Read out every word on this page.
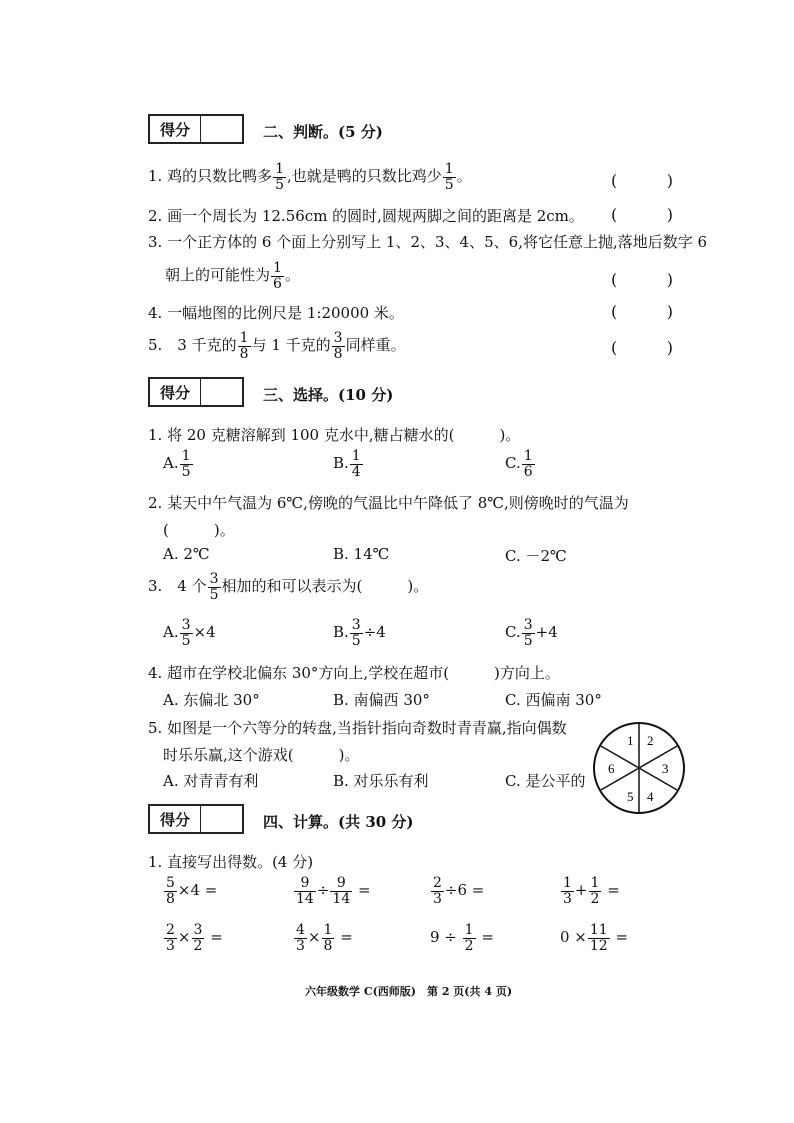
得分	二、判断。(5 分)
1. 鸡的只数比鸭多 $\frac{1}{5}$ ,也就是鸭的只数比鸡少 $\frac{1}{5}$ 。	(	)
2. 画一个周长为 12.56cm 的圆时,圆规两脚之间的距离是 2cm。 (	)
3. 一个正方体的 6 个面上分别写上 1、2、3、4、5、6,将它任意上抛,落地后数字 6
朝上的可能性为 $\frac{1}{6}$ 。	(	)
4. 一幅地图的比例尺是 1:20000 米。	(	)
5.　3 千克的 $\frac{1}{8}$ 与 1 千克的 $\frac{3}{8}$ 同样重。	(	)
得分	三、选择。(10 分)
1. 将 20 克糖溶解到 100 克水中,糖占糖水的(　　　)。
A. $\frac{1}{5}$	B. $\frac{1}{4}$	C. $\frac{1}{6}$
2. 某天中午气温为 6℃,傍晚的气温比中午降低了 8℃,则傍晚时的气温为
(　　　)。
A. 2℃	B. 14℃	C. －2℃
3.　4 个 $\frac{3}{5}$ 相加的和可以表示为(　　　)。
A. $\frac{3}{5} \times 4$	B. $\frac{3}{5} \div 4$	C. $\frac{3}{5} +4$
4. 超市在学校北偏东 30°方向上,学校在超市(　　　)方向上。
A. 东偏北 30°	B. 南偏西 30°	C. 西偏南 30°
5. 如图是一个六等分的转盘,当指针指向奇数时青青赢,指向偶数
时乐乐赢,这个游戏(　　　)。
A. 对青青有利	B. 对乐乐有利	C. 是公平的
1 2
3
4
5
6
得分	四、计算。(共 30 分)
1. 直接写出得数。(4 分)
$\frac{5}{8} \times 4$ =	$\frac{9}{14} \div \frac{9}{14}$ =	$\frac{2}{3} \div 6$ =	$\frac{1}{3} + \frac{1}{2}$ =
$\frac{2}{3} \times \frac{3}{2}$ =	$\frac{4}{3} \times \frac{1}{8}$ =	$9 \div \frac{1}{2}$ =	$0 \times \frac{11}{12}$ =
六年级数学 C(西师版)　第 2 页(共 4 页)
